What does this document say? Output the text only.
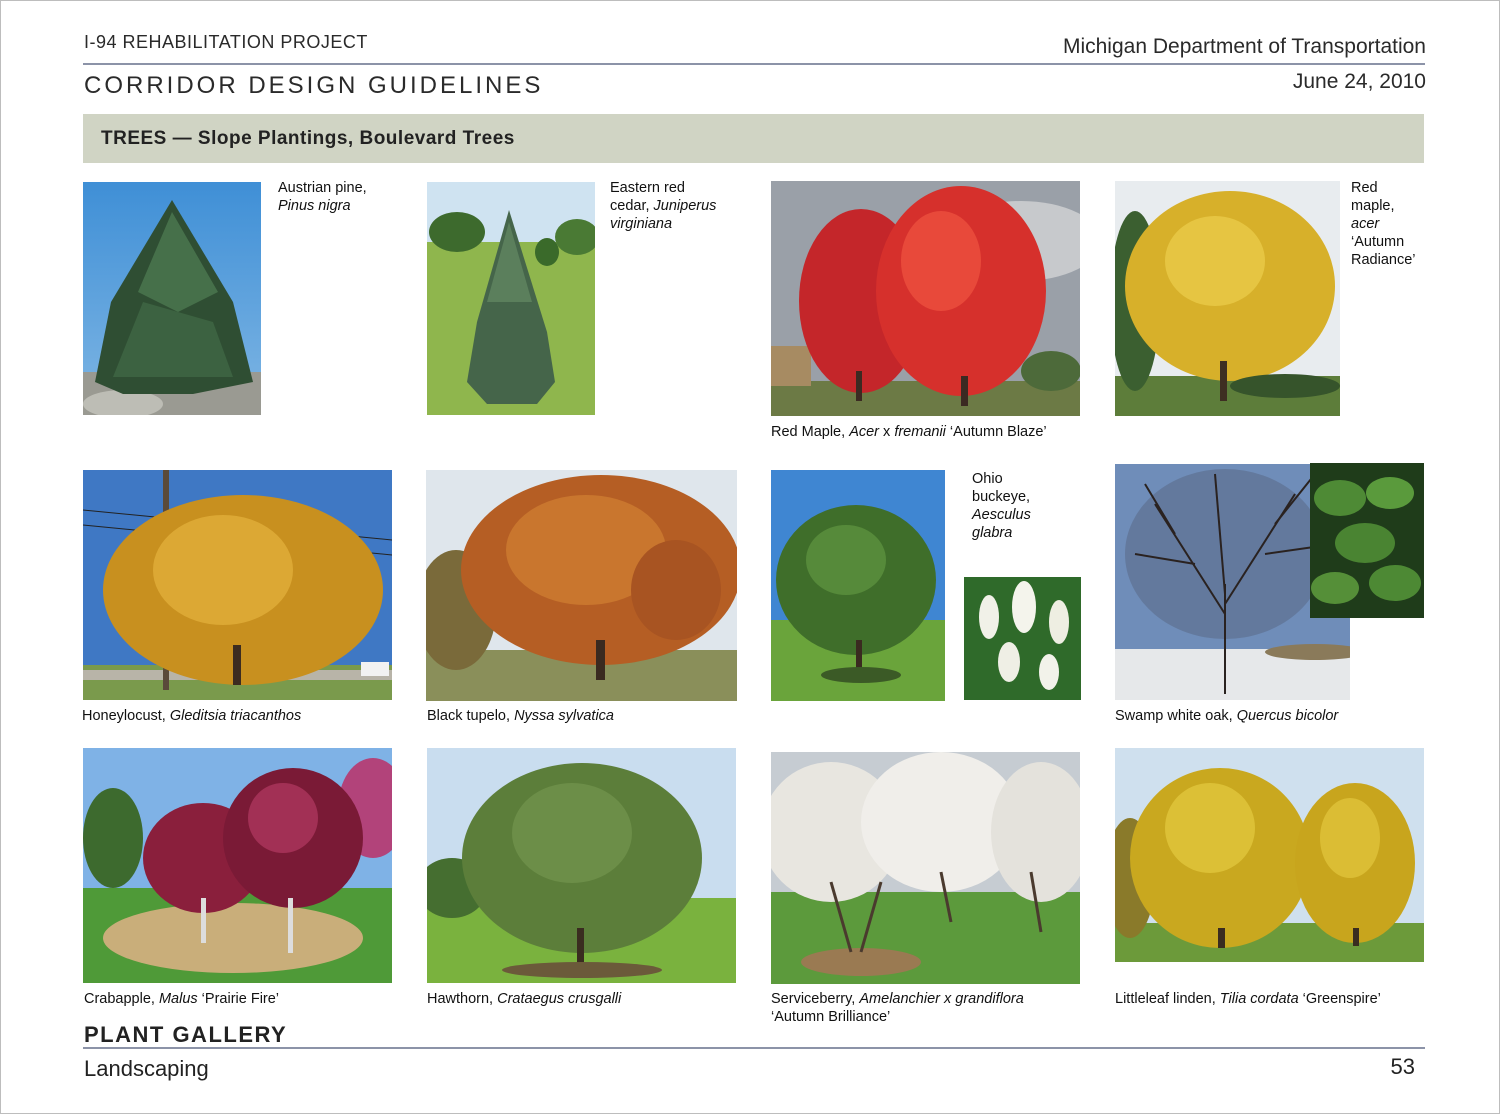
I-94 REHABILITATION PROJECT	Michigan Department of Transportation
CORRIDOR DESIGN GUIDELINES	June 24, 2010
TREES — Slope Plantings, Boulevard Trees
Austrian pine,
Pinus nigra
Eastern red
cedar, Juniperus
virginiana
Red Maple, Acer x fremanii ‘Autumn Blaze’
Red
maple,
acer
‘Autumn
Radiance’
Honeylocust, Gleditsia triacanthos	Black tupelo, Nyssa sylvatica
Ohio
buckeye,
Aesculus
glabra
Swamp white oak, Quercus bicolor
Crabapple, Malus ‘Prairie Fire’	Hawthorn, Crataegus crusgalli	Serviceberry, Amelanchier x grandiflora
‘Autumn Brilliance’
Littleleaf linden, Tilia cordata ‘Greenspire’
PLANT GALLERY
Landscaping	53
